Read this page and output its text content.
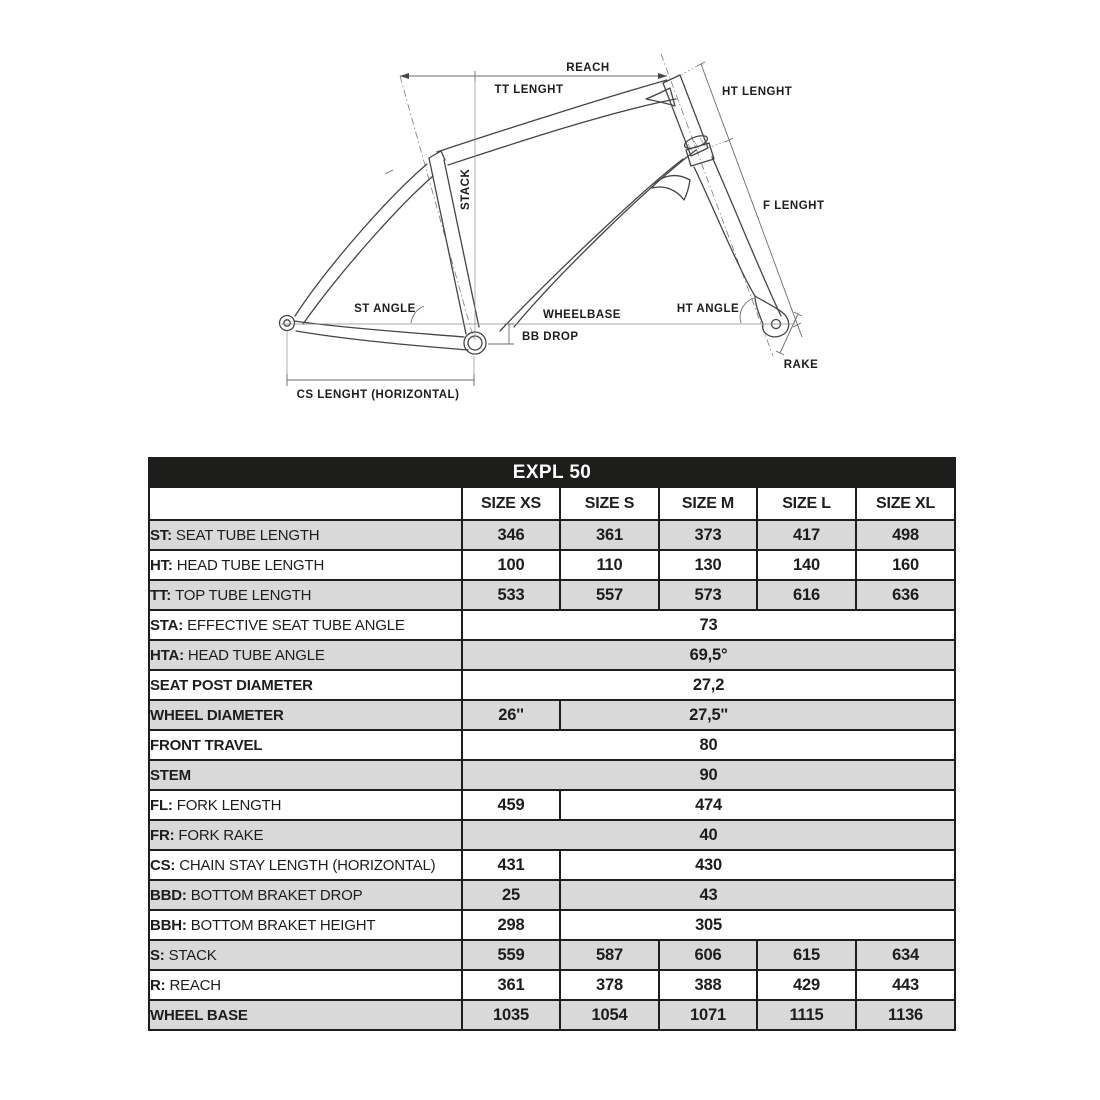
REACH
TT LENGHT	HT LENGHT
STACK	F LENGHT
ST ANGLE	WHEELBASE
BB DROP
HT ANGLE
RAKE
CS LENGHT (HORIZONTAL)
EXPL 50					
	SIZE XS	SIZE S	SIZE M	SIZE L	SIZE XL
ST: SEAT TUBE LENGTH	346	361	373	417	498
HT: HEAD TUBE LENGTH	100	110	130	140	160
TT: TOP TUBE LENGTH	533	557	573	616	636
STA: EFFECTIVE SEAT TUBE ANGLE	73				
HTA: HEAD TUBE ANGLE	69,5°				
SEAT POST DIAMETER	27,2				
WHEEL DIAMETER	26''	27,5''			
FRONT TRAVEL	80				
STEM	90				
FL: FORK LENGTH	459	474			
FR: FORK RAKE	40				
CS: CHAIN STAY LENGTH (HORIZONTAL)	431	430			
BBD: BOTTOM BRAKET DROP	25	43			
BBH: BOTTOM BRAKET HEIGHT	298	305			
S: STACK	559	587	606	615	634
R: REACH	361	378	388	429	443
WHEEL BASE	1035	1054	1071	1115	1136
